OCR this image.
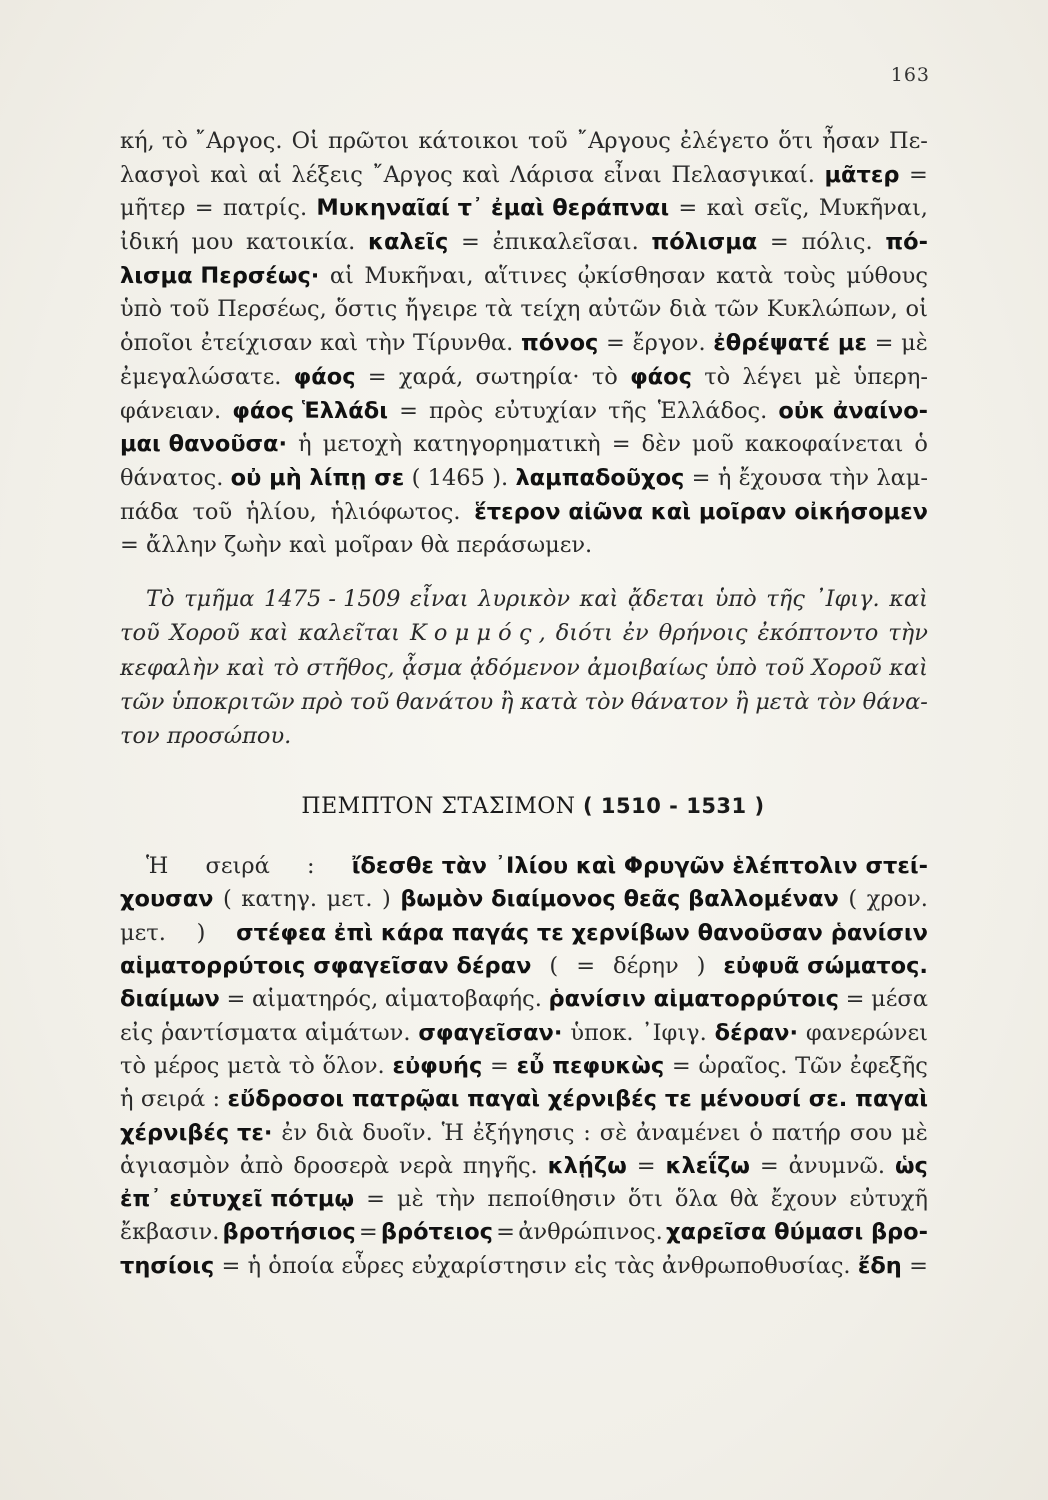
163
κή, τὸ ῎Αργος. Οἱ πρῶτοι κάτοικοι τοῦ ῎Αργους ἐλέγετο ὅτι ἦσαν Πε-
λασγοὶ καὶ αἱ λέξεις ῎Αργος καὶ Λάρισα εἶναι Πελασγικαί. μᾶτερ =
μῆτερ = πατρίς. Μυκηναῖαί τ᾿ ἐμαὶ θεράπναι = καὶ σεῖς, Μυκῆναι,
ἰδική μου κατοικία. καλεῖς = ἐπικαλεῖσαι. πόλισμα = πόλις. πό-
λισμα Περσέως· αἱ Μυκῆναι, αἵτινες ᾠκίσθησαν κατὰ τοὺς μύθους
ὑπὸ τοῦ Περσέως, ὅστις ἤγειρε τὰ τείχη αὐτῶν διὰ τῶν Κυκλώπων, οἱ
ὁποῖοι ἐτείχισαν καὶ τὴν Τίρυνθα. πόνος = ἔργον. ἐθρέψατέ με = μὲ
ἐμεγαλώσατε. φάος = χαρά, σωτηρία· τὸ φάος τὸ λέγει μὲ ὑπερη-
φάνειαν. φάος Ἑλλάδι = πρὸς εὐτυχίαν τῆς Ἑλλάδος. οὐκ ἀναίνο-
μαι θανοῦσα· ἡ μετοχὴ κατηγορηματικὴ = δὲν μοῦ κακοφαίνεται ὁ
θάνατος. οὐ μὴ λίπῃ σε ( 1465 ). λαμπαδοῦχος = ἡ ἔχουσα τὴν λαμ-
πάδα τοῦ ἡλίου, ἡλιόφωτος. ἕτερον αἰῶνα καὶ μοῖραν οἰκήσομεν
= ἄλλην ζωὴν καὶ μοῖραν θὰ περάσωμεν.
Τὸ τμῆμα 1475 - 1509 εἶναι λυρικὸν καὶ ᾄδεται ὑπὸ τῆς ᾿Ιφιγ. καὶ
τοῦ Χοροῦ καὶ καλεῖται Κ ο μ μ ό ς , διότι ἐν θρήνοις ἐκόπτοντο τὴν
κεφαλὴν καὶ τὸ στῆθος, ᾆσμα ᾀδόμενον ἀμοιβαίως ὑπὸ τοῦ Χοροῦ καὶ
τῶν ὑποκριτῶν πρὸ τοῦ θανάτου ἢ κατὰ τὸν θάνατον ἢ μετὰ τὸν θάνα-
τον προσώπου.
ΠΕΜΠΤΟΝ ΣΤΑΣΙΜΟΝ ( 1510 - 1531 )
Ἡ σειρά : ἴδεσθε τὰν ᾿Ιλίου καὶ Φρυγῶν ἑλέπτολιν στεί-
χουσαν ( κατηγ. μετ. ) βωμὸν διαίμονος θεᾶς βαλλομέναν ( χρον.
μετ. ) στέφεα ἐπὶ κάρα παγάς τε χερνίβων θανοῦσαν ῥανίσιν
αἱματορρύτοις σφαγεῖσαν δέραν ( = δέρην ) εὐφυᾶ σώματος.
διαίμων = αἱματηρός, αἱματοβαφής. ῥανίσιν αἱματορρύτοις = μέσα
εἰς ῥαντίσματα αἱμάτων. σφαγεῖσαν· ὑποκ. ᾿Ιφιγ. δέραν· φανερώνει
τὸ μέρος μετὰ τὸ ὅλον. εὐφυής = εὖ πεφυκὼς = ὡραῖος. Τῶν ἐφεξῆς
ἡ σειρά : εὔδροσοι πατρῷαι παγαὶ χέρνιβές τε μένουσί σε. παγαὶ
χέρνιβές τε· ἐν διὰ δυοῖν. Ἡ ἐξήγησις : σὲ ἀναμένει ὁ πατήρ σου μὲ
ἁγιασμὸν ἀπὸ δροσερὰ νερὰ πηγῆς. κλῄζω = κλεΐζω = ἀνυμνῶ. ὡς
ἐπ᾿ εὐτυχεῖ πότμῳ = μὲ τὴν πεποίθησιν ὅτι ὅλα θὰ ἔχουν εὐτυχῆ
ἔκβασιν. βροτήσιος = βρότειος = ἀνθρώπινος. χαρεῖσα θύμασι βρο-
τησίοις = ἡ ὁποία εὗρες εὐχαρίστησιν εἰς τὰς ἀνθρωποθυσίας. ἔδη =
